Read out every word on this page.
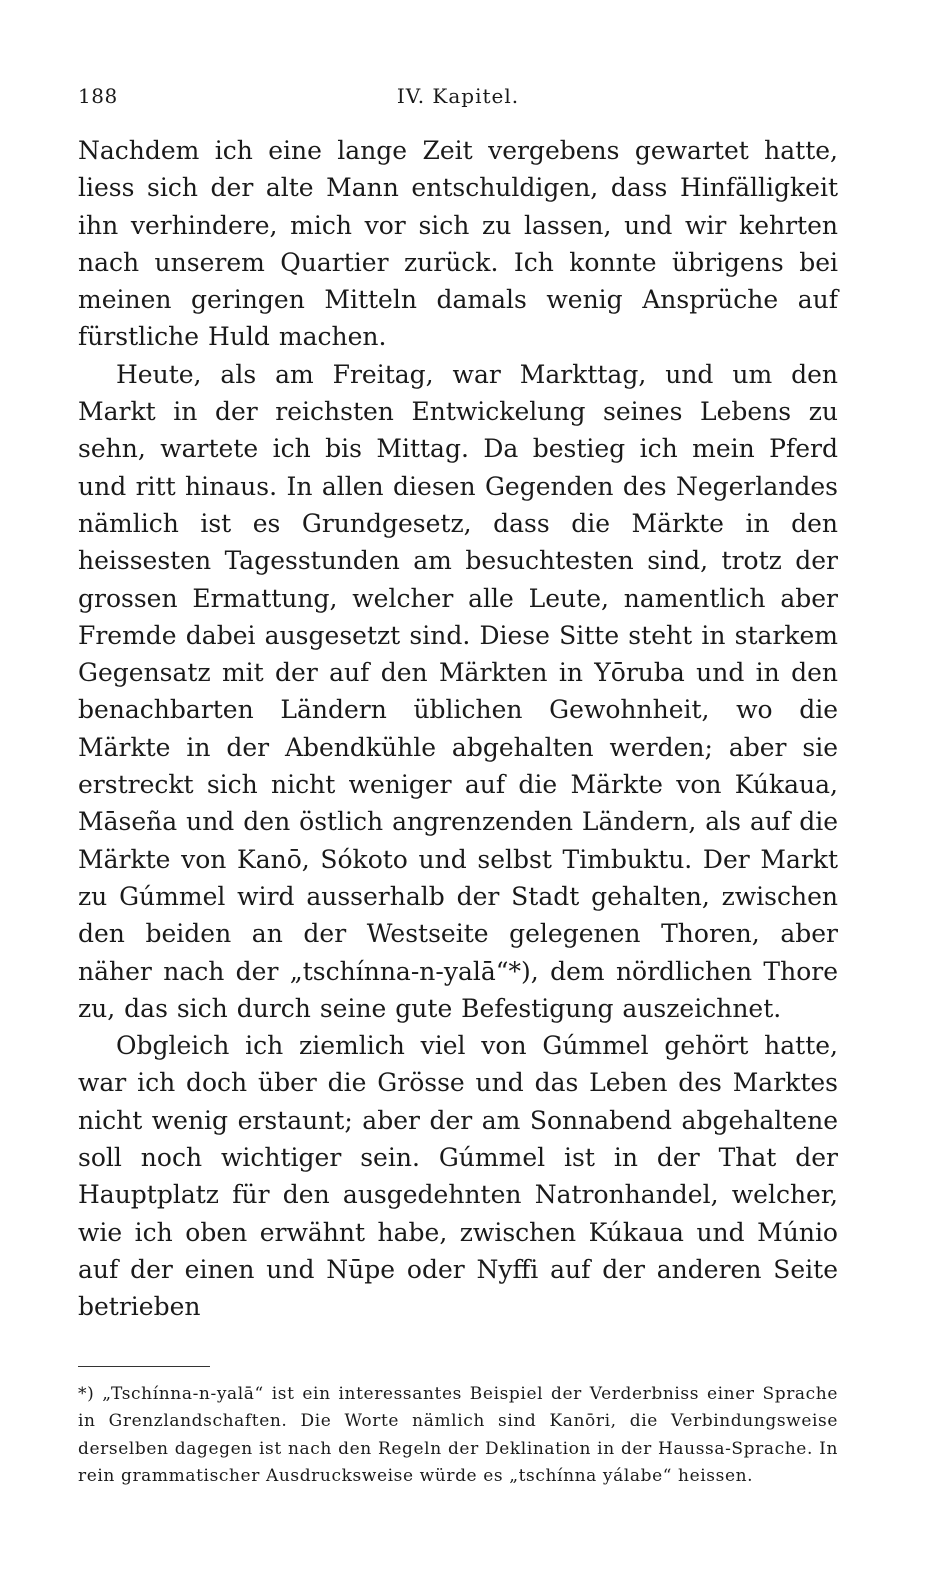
188	IV. Kapitel.

Nachdem ich eine lange Zeit vergebens gewartet hatte, liess sich der alte Mann entschuldigen, dass Hinfälligkeit ihn verhindere, mich vor sich zu lassen, und wir kehrten nach unserem Quartier zurück. Ich konnte übrigens bei meinen geringen Mitteln damals wenig Ansprüche auf fürstliche Huld machen.

Heute, als am Freitag, war Markttag, und um den Markt in der reichsten Entwickelung seines Lebens zu sehn, wartete ich bis Mittag. Da bestieg ich mein Pferd und ritt hinaus. In allen diesen Gegenden des Negerlandes nämlich ist es Grundgesetz, dass die Märkte in den heissesten Tagesstunden am besuchtesten sind, trotz der grossen Ermattung, welcher alle Leute, namentlich aber Fremde dabei ausgesetzt sind. Diese Sitte steht in starkem Gegensatz mit der auf den Märkten in Yōruba und in den benachbarten Ländern üblichen Gewohnheit, wo die Märkte in der Abendkühle abgehalten werden; aber sie erstreckt sich nicht weniger auf die Märkte von Kúkaua, Māseña und den östlich angrenzenden Ländern, als auf die Märkte von Kanō, Sókoto und selbst Timbuktu. Der Markt zu Gúmmel wird ausserhalb der Stadt gehalten, zwischen den beiden an der Westseite gelegenen Thoren, aber näher nach der „tschínna-n-yalā“*), dem nördlichen Thore zu, das sich durch seine gute Befestigung auszeichnet.

Obgleich ich ziemlich viel von Gúmmel gehört hatte, war ich doch über die Grösse und das Leben des Marktes nicht wenig erstaunt; aber der am Sonnabend abgehaltene soll noch wichtiger sein. Gúmmel ist in der That der Hauptplatz für den ausgedehnten Natronhandel, welcher, wie ich oben erwähnt habe, zwischen Kúkaua und Múnio auf der einen und Nūpe oder Nyffi auf der anderen Seite betrieben

*) „Tschínna-n-yalā“ ist ein interessantes Beispiel der Verderbniss einer Sprache in Grenzlandschaften. Die Worte nämlich sind Kanōri, die Verbindungsweise derselben dagegen ist nach den Regeln der Deklination in der Haussa-Sprache. In rein grammatischer Ausdrucksweise würde es „tschínna yálabe“ heissen.
